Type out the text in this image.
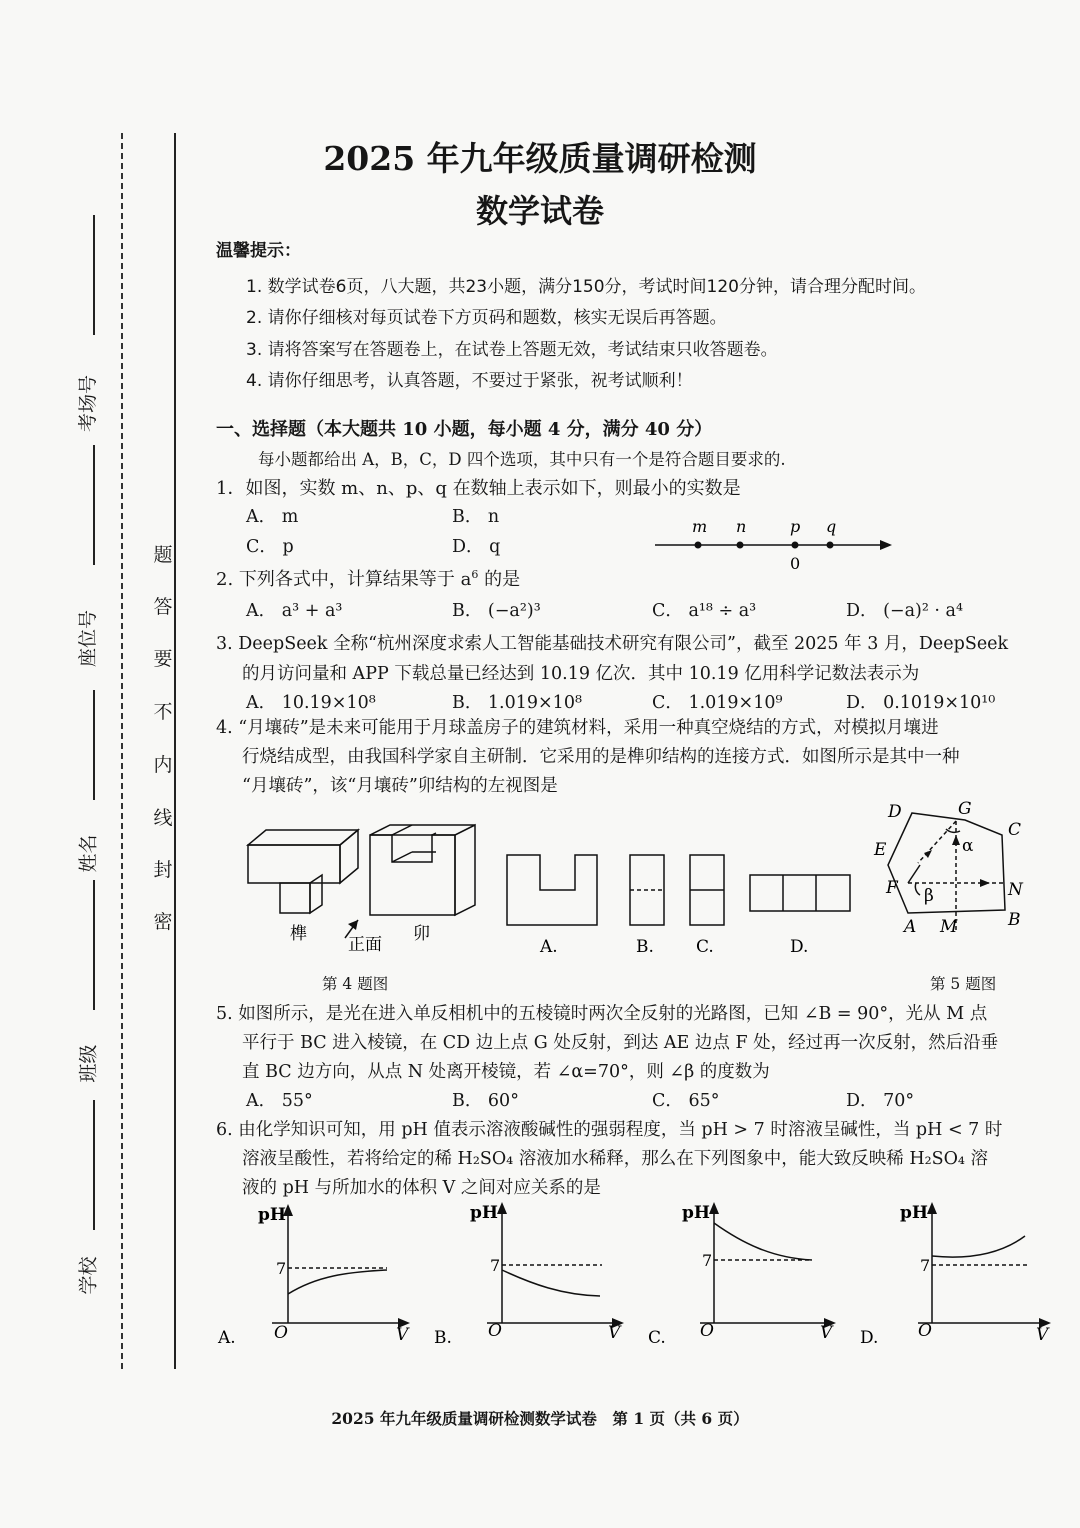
考场号
座位号
姓名
班级
学校
题
答
要
不
内
线
封
密
2025 年九年级质量调研检测
数学试卷
温馨提示：
1. 数学试卷6页，八大题，共23小题，满分150分，考试时间120分钟，请合理分配时间。
2. 请你仔细核对每页试卷下方页码和题数，核实无误后再答题。
3. 请将答案写在答题卷上，在试卷上答题无效，考试结束只收答题卷。
4. 请你仔细思考，认真答题，不要过于紧张，祝考试顺利！
一、选择题（本大题共 10 小题，每小题 4 分，满分 40 分）
每小题都给出 A，B，C，D 四个选项，其中只有一个是符合题目要求的.
1．如图，实数 m、n、p、q 在数轴上表示如下，则最小的实数是
A． m	B． n
C． p	D． q
m n	p q
0
2. 下列各式中，计算结果等于 $a^6$ 的是
A． a³ + a³	B． (−a²)³	C． a¹⁸ ÷ a³	D． (−a)² · a⁴
3. DeepSeek 全称“杭州深度求索人工智能基础技术研究有限公司”，截至 2025 年 3 月，DeepSeek
的月访问量和 APP 下载总量已经达到 10.19 亿次．其中 10.19 亿用科学记数法表示为
A． 10.19×10⁸	B． 1.019×10⁸	C． 1.019×10⁹	D． 0.1019×10¹⁰
4. “月壤砖”是未来可能用于月球盖房子的建筑材料，采用一种真空烧结的方式，对模拟月壤进
行烧结成型，由我国科学家自主研制．它采用的是榫卯结构的连接方式．如图所示是其中一种
“月壤砖”，该“月壤砖”卯结构的左视图是
榫
正面
卯
A.	B. C.	D.
第 4 题图
D	G
C
E
F	N
A M	B
α
β
第 5 题图
5. 如图所示，是光在进入单反相机中的五棱镜时两次全反射的光路图，已知 ∠B = 90°，光从 M 点
平行于 BC 进入棱镜，在 CD 边上点 G 处反射，到达 AE 边点 F 处，经过再一次反射，然后沿垂
直 BC 边方向，从点 N 处离开棱镜，若 ∠α=70°，则 ∠β 的度数为
A． 55°	B． 60°	C． 65°	D． 70°
6. 由化学知识可知，用 pH 值表示溶液酸碱性的强弱程度，当 pH > 7 时溶液呈碱性，当 pH < 7 时
溶液呈酸性，若将给定的稀 H₂SO₄ 溶液加水稀释，那么在下列图象中，能大致反映稀 H₂SO₄ 溶
液的 pH 与所加水的体积 V 之间对应关系的是
pH
7
O	V
A.
pH
7
O	V
B.
pH
7
O	V
C.
pH
7
O	V
D.
2025 年九年级质量调研检测数学试卷　第 1 页（共 6 页）
